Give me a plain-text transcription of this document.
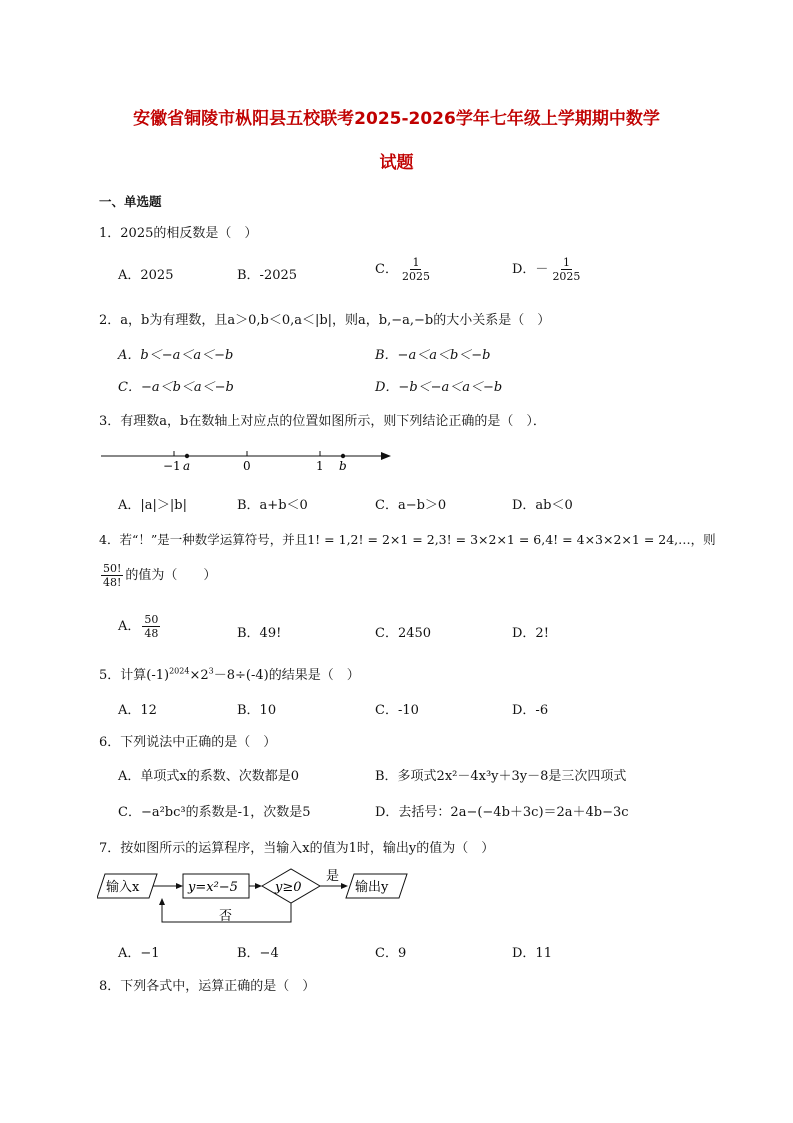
安徽省铜陵市枞阳县五校联考2025-2026学年七年级上学期期中数学
试题
一、单选题
1．2025的相反数是（　）
A．2025	B．-2025	C． $\frac{1}{2025}$	D．－ $\frac{1}{2025}$
2．a，b为有理数，且a＞0,b＜0,a＜|b|，则a，b,−a,−b的大小关系是（　）
A．b＜−a＜a＜−b	B．−a＜a＜b＜−b
C．−a＜b＜a＜−b	D．−b＜−a＜a＜−b
3．有理数a，b在数轴上对应点的位置如图所示，则下列结论正确的是（　）．
−1 a	0	1 b
A．|a|＞|b|	B．a+b＜0	C．a−b＞0	D．ab＜0
4．若“！”是一种数学运算符号，并且1! = 1,2! = 2×1 = 2,3! = 3×2×1 = 6,4! = 4×3×2×1 = 24,…，则
$\frac{50!}{48!}$ 的值为（　　）
A． $\frac{50}{48}$	B．49!	C．2450	D．2!
5．计算$(-1)^{2024}\times 2^3-8\div(-4)$的结果是（　）
A．12	B．10	C．-10	D．-6
6．下列说法中正确的是（　）
A．单项式x的系数、次数都是0	B．多项式2x²－4x³y＋3y－8是三次四项式
C．−a²bc³的系数是-1，次数是5	D．去括号：2a−(−4b＋3c)＝2a＋4b−3c
7．按如图所示的运算程序，当输入x的值为1时，输出y的值为（　）
输入x	y=x²−5	y≥0
是
输出y
否
A．−1	B．−4	C．9	D．11
8．下列各式中，运算正确的是（　）
